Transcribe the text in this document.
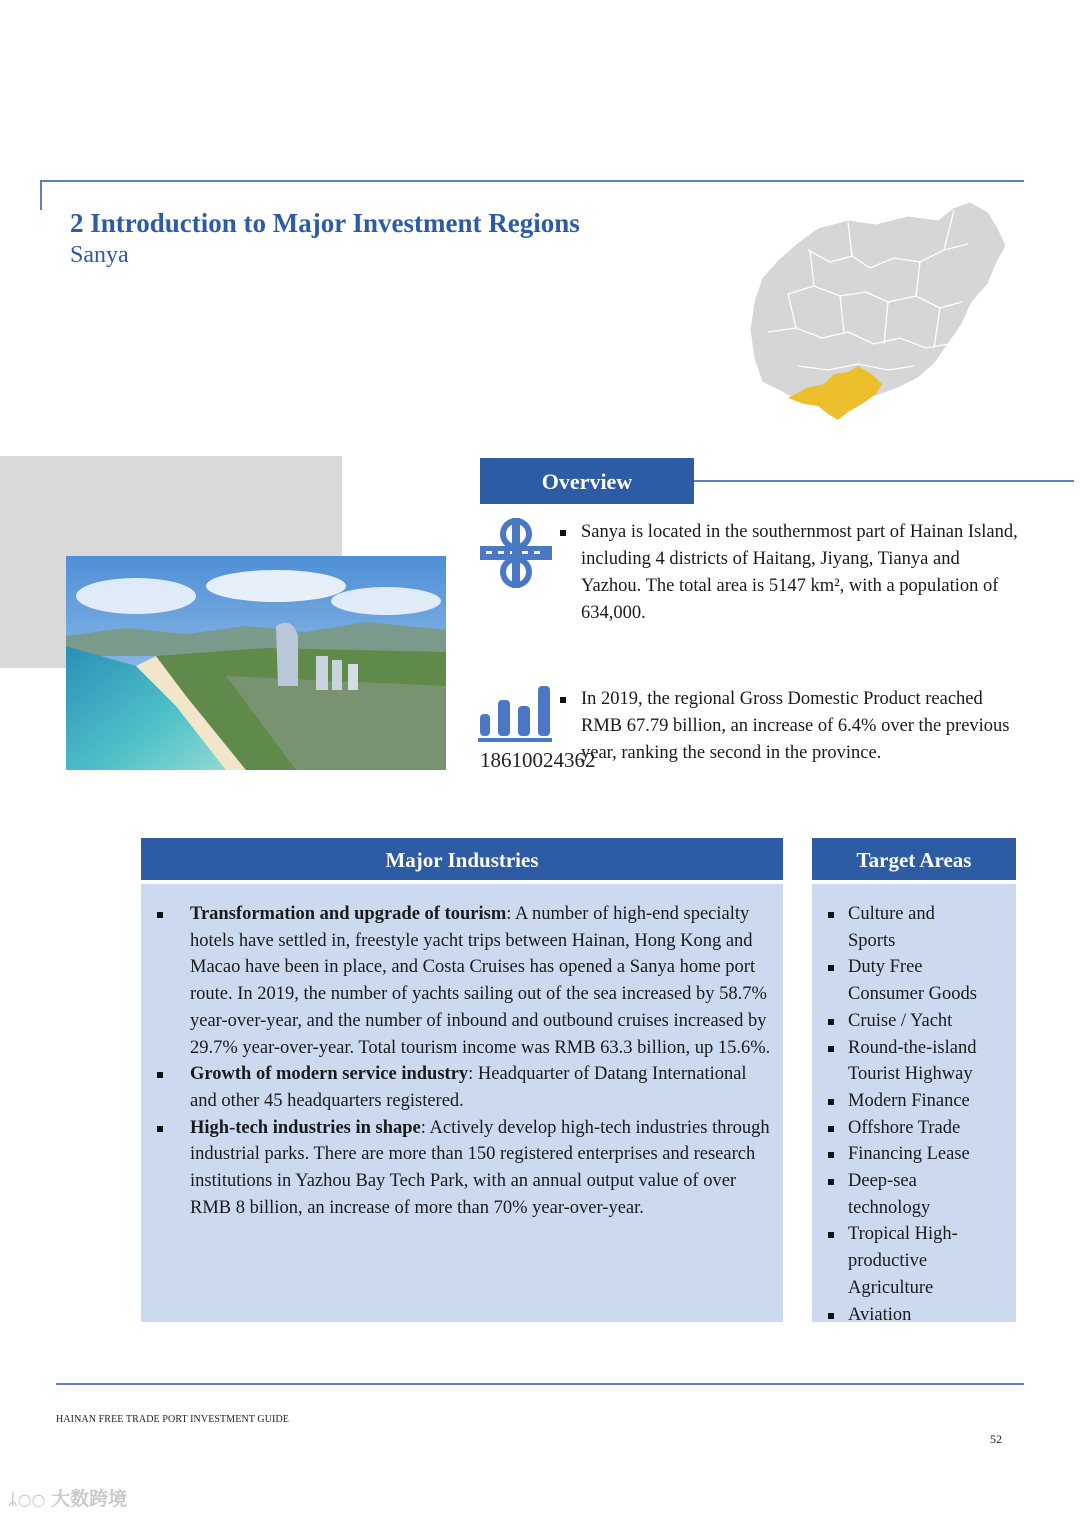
2 Introduction to Major Investment Regions
Sanya
Overview
Sanya is located in the southernmost part of Hainan Island, including 4 districts of Haitang, Jiyang, Tianya and Yazhou. The total area is 5147 km², with a population of 634,000.
In 2019, the regional Gross Domestic Product reached RMB 67.79 billion, an increase of 6.4% over the previous year, ranking the second in the province.
18610024362
Major Industries
Transformation and upgrade of tourism: A number of high-end specialty hotels have settled in, freestyle yacht trips between Hainan, Hong Kong and Macao have been in place, and Costa Cruises has opened a Sanya home port route. In 2019, the number of yachts sailing out of the sea increased by 58.7% year-over-year, and the number of inbound and outbound cruises increased by 29.7% year-over-year. Total tourism income was RMB 63.3 billion, up 15.6%.
Growth of modern service industry: Headquarter of Datang International and other 45 headquarters registered.
High-tech industries in shape: Actively develop high-tech industries through industrial parks. There are more than 150 registered enterprises and research institutions in Yazhou Bay Tech Park, with an annual output value of over RMB 8 billion, an increase of more than 70% year-over-year.
Target Areas
Culture and Sports
Duty Free Consumer Goods
Cruise / Yacht
Round-the-island Tourist Highway
Modern Finance
Offshore Trade
Financing Lease
Deep-sea technology
Tropical High-productive Agriculture
Aviation
HAINAN FREE TRADE PORT INVESTMENT GUIDE
52
ᛦ○○ 大数跨境
